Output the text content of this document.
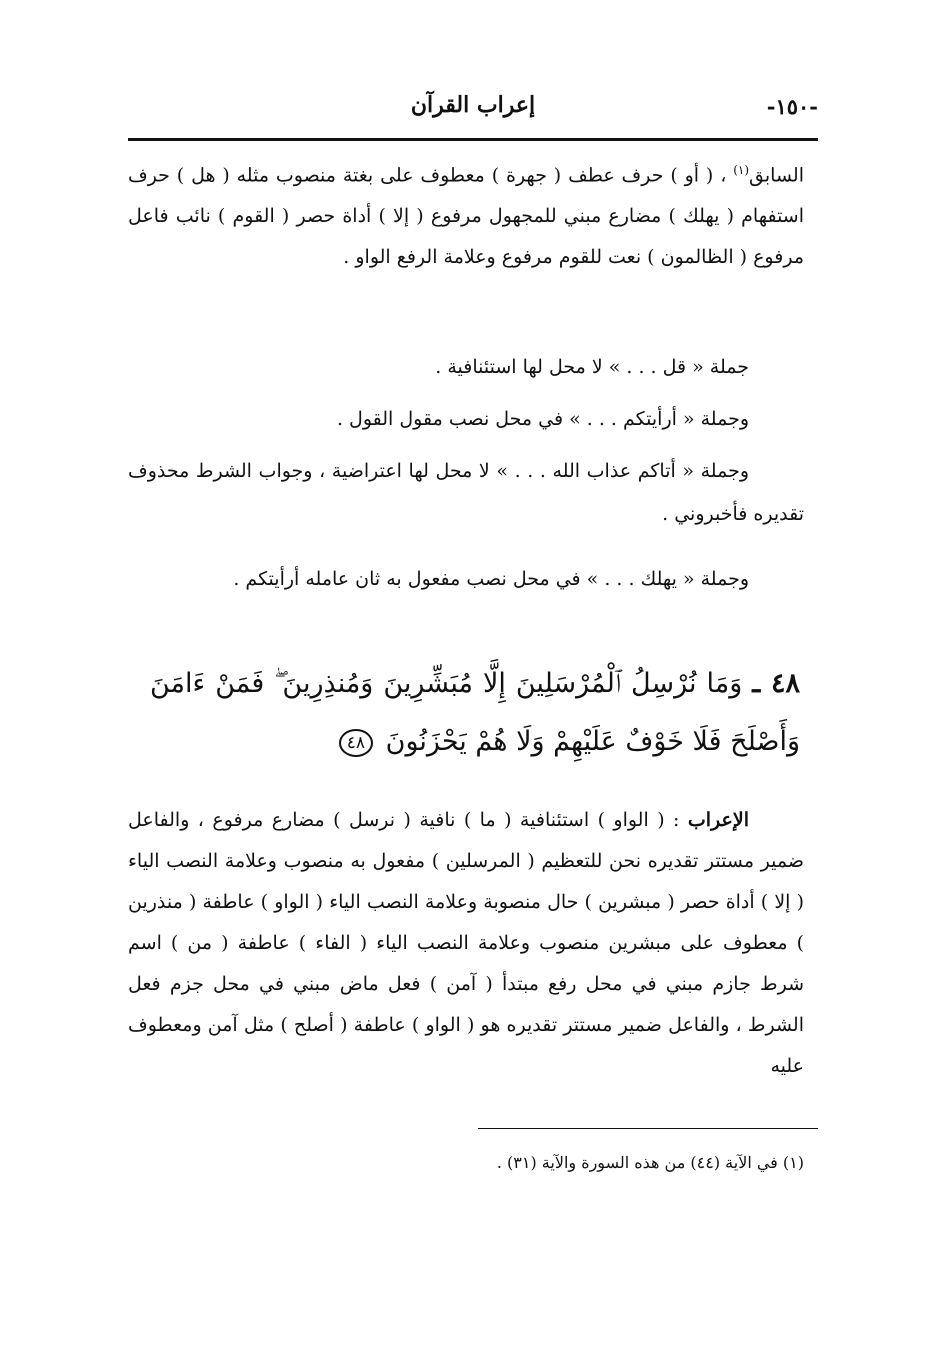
إعراب القرآن	-١٥٠-

السابق$^{(١)}$ ، ( أو ) حرف عطف ( جهرة ) معطوف على بغتة منصوب مثله ( هل ) حرف استفهام ( يهلك ) مضارع مبني للمجهول مرفوع ( إلا ) أداة حصر ( القوم ) نائب فاعل مرفوع ( الظالمون ) نعت للقوم مرفوع وعلامة الرفع الواو .

جملة « قل . . . » لا محل لها استئنافية .

وجملة « أرأيتكم . . . » في محل نصب مقول القول .

وجملة « أتاكم عذاب الله . . . » لا محل لها اعتراضية ، وجواب الشرط محذوف تقديره فأخبروني .

وجملة « يهلك . . . » في محل نصب مفعول به ثان عامله أرأيتكم .

٤٨ ـ وَمَا نُرْسِلُ ٱلْمُرْسَلِينَ إِلَّا مُبَشِّرِينَ وَمُنذِرِينَ ۖ فَمَنْ ءَامَنَ وَأَصْلَحَ فَلَا خَوْفٌ عَلَيْهِمْ وَلَا هُمْ يَحْزَنُونَ ٤٨

الإعراب : ( الواو ) استئنافية ( ما ) نافية ( نرسل ) مضارع مرفوع ، والفاعل ضمير مستتر تقديره نحن للتعظيم ( المرسلين ) مفعول به منصوب وعلامة النصب الياء ( إلا ) أداة حصر ( مبشرين ) حال منصوبة وعلامة النصب الياء ( الواو ) عاطفة ( منذرين ) معطوف على مبشرين منصوب وعلامة النصب الياء ( الفاء ) عاطفة ( من ) اسم شرط جازم مبني في محل رفع مبتدأ ( آمن ) فعل ماض مبني في محل جزم فعل الشرط ، والفاعل ضمير مستتر تقديره هو ( الواو ) عاطفة ( أصلح ) مثل آمن ومعطوف عليه

(١) في الآية (٤٤) من هذه السورة والآية (٣١) .
